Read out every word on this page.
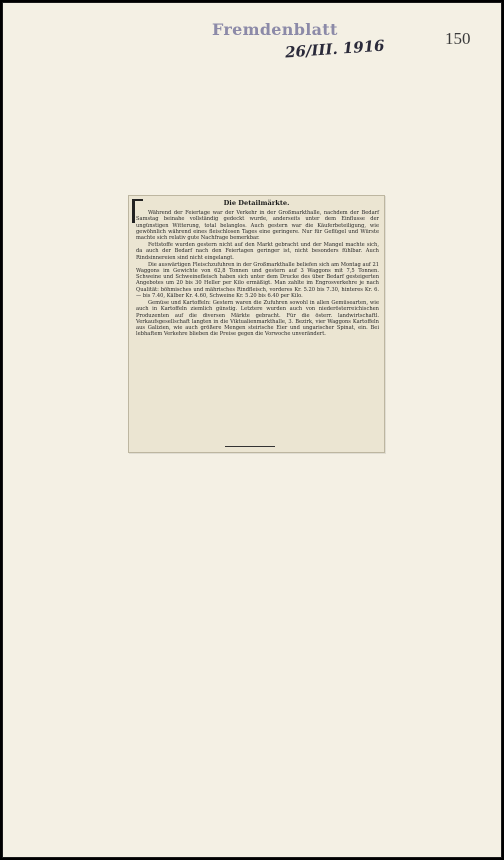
Fremdenblatt
26/III. 1916	150
Die Detailmärkte.

Während der Feiertage war der Verkehr in der Großmarkthalle, nachdem der Bedarf Samstag beinahe vollständig gedeckt wurde, anderseits unter dem Einflusse der ungünstigen Witterung, total belanglos. Auch gestern war die Käuferbeteiligung, wie gewöhnlich während eines fleischlosen Tages eine geringere. Nur für Geflügel und Würste machte sich relativ gute Nachfrage bemerkbar.

Fettstoffe wurden gestern nicht auf den Markt gebracht und der Mangel machte sich, da auch der Bedarf nach den Feiertagen geringer ist, nicht besonders fühlbar. Auch Rindsinnereien sind nicht eingelangt.

Die auswärtigen Fleischzufuhren in der Großmarkthalle beliefen sich am Montag auf 21 Waggons im Gewichte von 62,8 Tonnen und gestern auf 3 Waggons mit 7,5 Tonnen. Schweine und Schweinefleisch haben sich unter dem Drucke des über Bedarf gesteigerten Angebotes um 20 bis 30 Heller per Kilo ermäßigt. Man zahlte im Engrosverkehre je nach Qualität: böhmisches und mährisches Rindfleisch, vorderes Kr. 5.20 bis 7.30, hinteres Kr. 6.— bis 7.40, Kälber Kr. 4.60, Schweine Kr. 5.20 bis 6.40 per Kilo.

Gemüse und Kartoffeln: Gestern waren die Zufuhren sowohl in allen Gemüsearten, wie auch in Kartoffeln ziemlich günstig. Letztere wurden auch von niederösterreichischen Produzenten auf die diversen Märkte gebracht. Für die österr. landwirtschaftl. Verkaufsgesellschaft langten in die Viktualienmarkthalle, 3. Bezirk, vier Waggons Kartoffeln aus Galizien, wie auch größere Mengen steirische Eier und ungarischer Spinat, ein. Bei lebhaftem Verkehre blieben die Preise gegen die Vorwoche unverändert.
